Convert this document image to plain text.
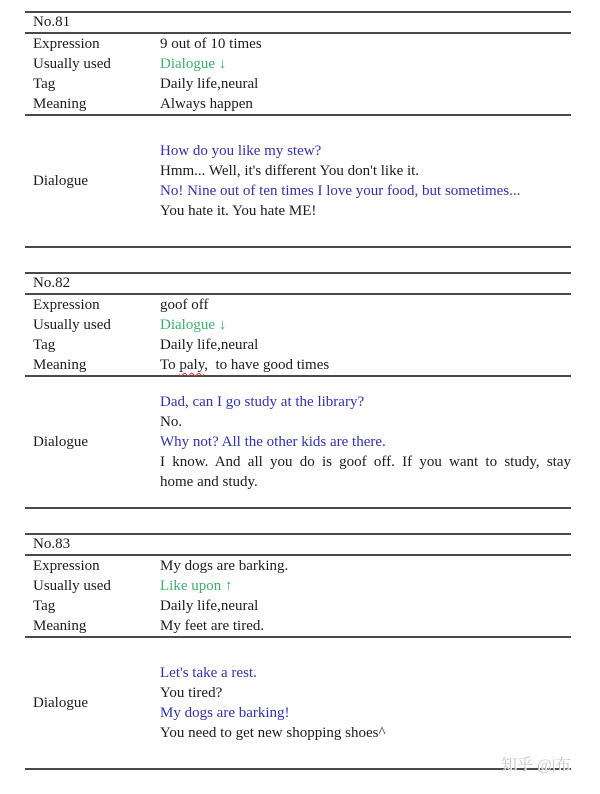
No.81
Expression	9 out of 10 times
Usually used	Dialogue ↓
Tag	Daily life,neural
Meaning	Always happen
Dialogue
How do you like my stew?
Hmm... Well, it's different You don't like it.
No! Nine out of ten times I love your food, but sometimes...
You hate it. You hate ME!
No.82
Expression	goof off
Usually used	Dialogue ↓
Tag	Daily life,neural
Meaning	To paly,  to have good times
Dialogue
Dad, can I go study at the library?
No.
Why not? All the other kids are there.
I know. And all you do is goof off. If you want to study, stay
home and study.
No.83
Expression	My dogs are barking.
Usually used	Like upon ↑
Tag	Daily life,neural
Meaning	My feet are tired.
Dialogue
Let's take a rest.
You tired?
My dogs are barking!
You need to get new shopping shoes^
知乎 @|布
